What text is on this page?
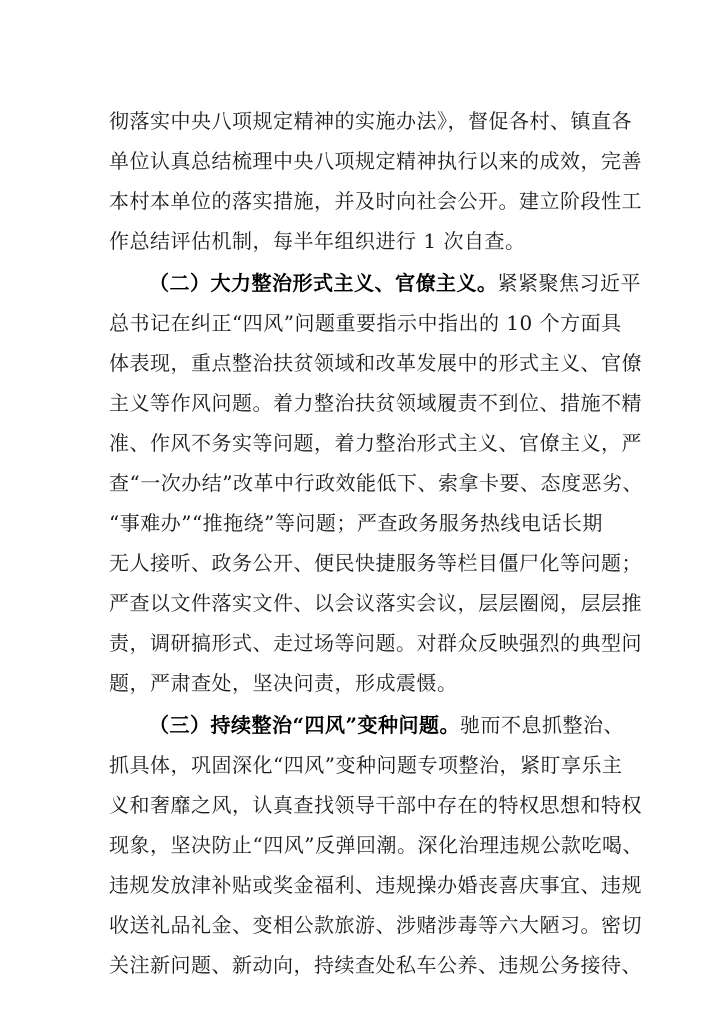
彻落实中央八项规定精神的实施办法》，督促各村、镇直各
单位认真总结梳理中央八项规定精神执行以来的成效，完善
本村本单位的落实措施，并及时向社会公开。建立阶段性工
作总结评估机制，每半年组织进行 1 次自查。
（二）大力整治形式主义、官僚主义。紧紧聚焦习近平
总书记在纠正“四风”问题重要指示中指出的 10 个方面具
体表现，重点整治扶贫领域和改革发展中的形式主义、官僚
主义等作风问题。着力整治扶贫领域履责不到位、措施不精
准、作风不务实等问题，着力整治形式主义、官僚主义，严
查“一次办结”改革中行政效能低下、索拿卡要、态度恶劣、
“事难办”“推拖绕”等问题；严查政务服务热线电话长期
无人接听、政务公开、便民快捷服务等栏目僵尸化等问题；
严查以文件落实文件、以会议落实会议，层层圈阅，层层推
责，调研搞形式、走过场等问题。对群众反映强烈的典型问
题，严肃查处，坚决问责，形成震慑。
（三）持续整治“四风”变种问题。驰而不息抓整治、
抓具体，巩固深化“四风”变种问题专项整治，紧盯享乐主
义和奢靡之风，认真查找领导干部中存在的特权思想和特权
现象，坚决防止“四风”反弹回潮。深化治理违规公款吃喝、
违规发放津补贴或奖金福利、违规操办婚丧喜庆事宜、违规
收送礼品礼金、变相公款旅游、涉赌涉毒等六大陋习。密切
关注新问题、新动向，持续查处私车公养、违规公务接待、
